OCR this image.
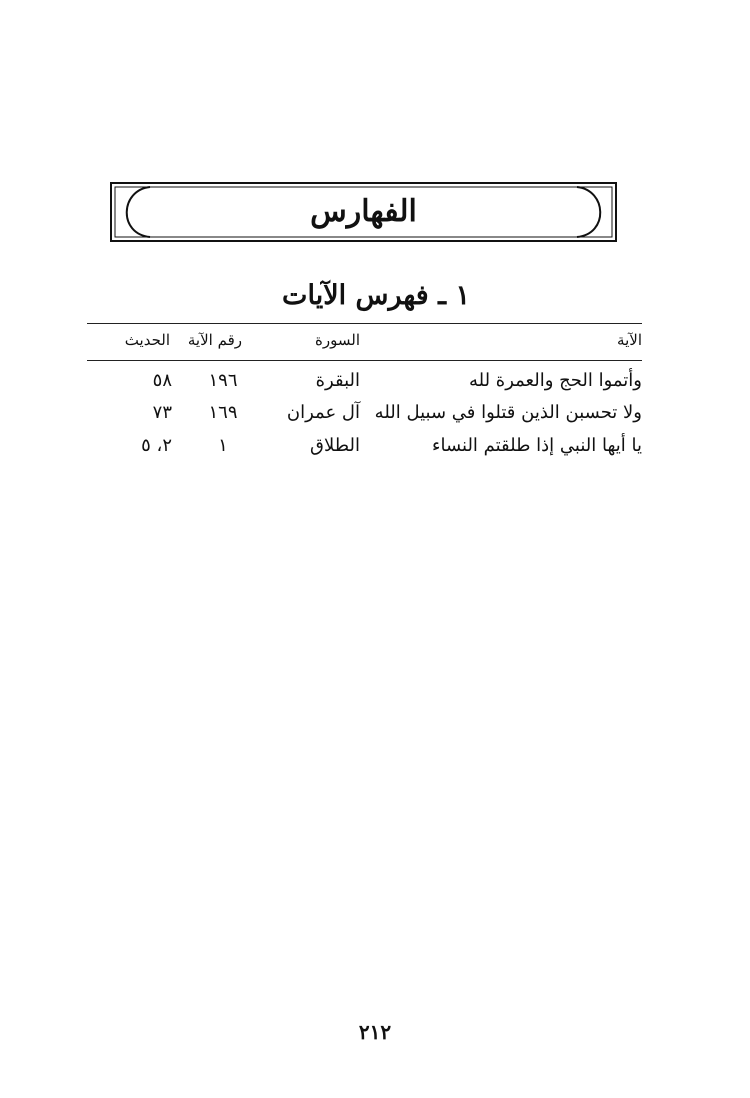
الفهارس
١ ـ فهرس الآيات
الآية
السورة
رقم الآية
الحديث
وأتموا الحج والعمرة لله
البقرة
١٩٦
٥٨
ولا تحسبن الذين قتلوا في سبيل الله
آل عمران
١٦٩
٧٣
يا أيها النبي إذا طلقتم النساء
الطلاق
١
٢، ٥
٢١٢
